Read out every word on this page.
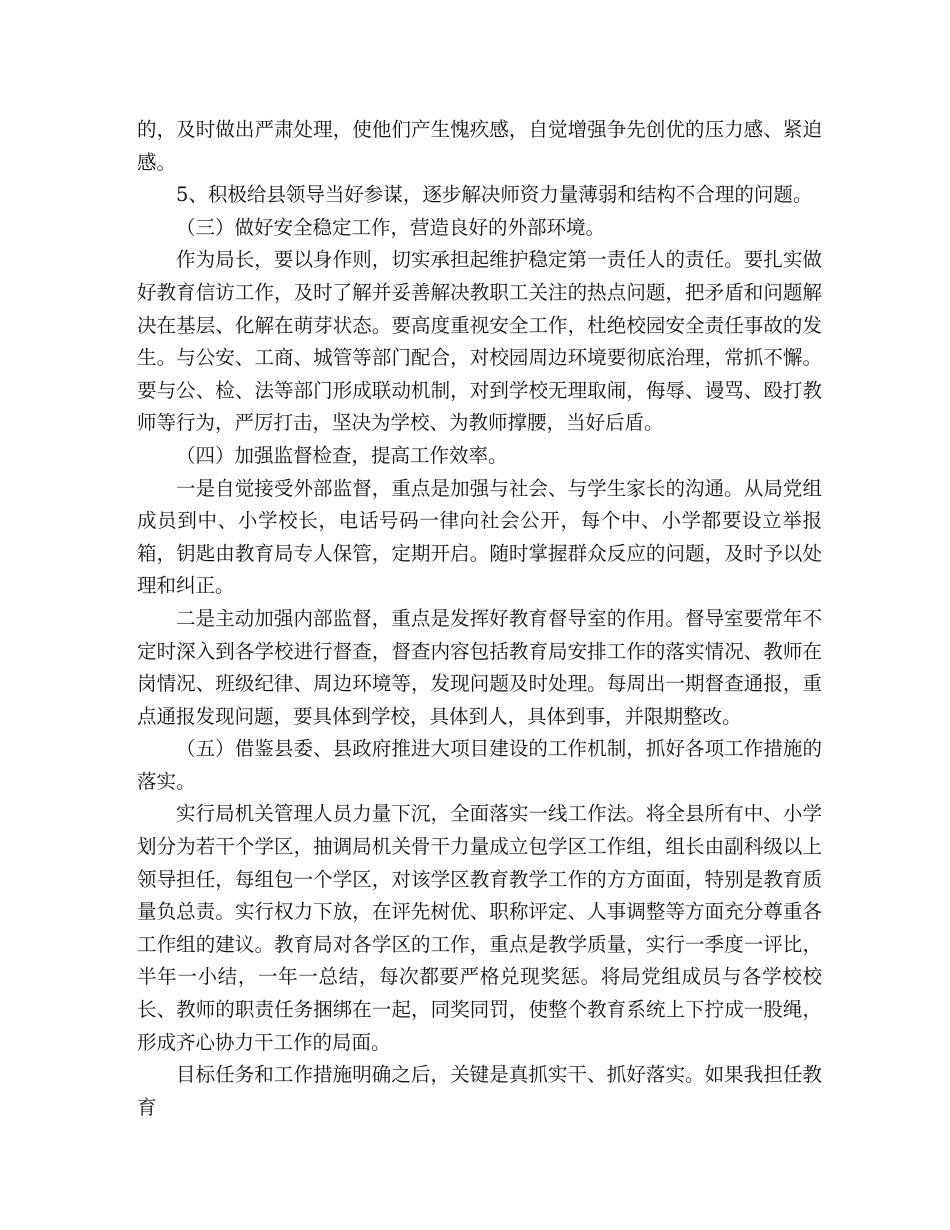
的，及时做出严肃处理，使他们产生愧疚感，自觉增强争先创优的压力感、紧迫感。

5、积极给县领导当好参谋，逐步解决师资力量薄弱和结构不合理的问题。

（三）做好安全稳定工作，营造良好的外部环境。

作为局长，要以身作则，切实承担起维护稳定第一责任人的责任。要扎实做好教育信访工作，及时了解并妥善解决教职工关注的热点问题，把矛盾和问题解决在基层、化解在萌芽状态。要高度重视安全工作，杜绝校园安全责任事故的发生。与公安、工商、城管等部门配合，对校园周边环境要彻底治理，常抓不懈。要与公、检、法等部门形成联动机制，对到学校无理取闹，侮辱、谩骂、殴打教师等行为，严厉打击，坚决为学校、为教师撑腰，当好后盾。

（四）加强监督检查，提高工作效率。

一是自觉接受外部监督，重点是加强与社会、与学生家长的沟通。从局党组成员到中、小学校长，电话号码一律向社会公开，每个中、小学都要设立举报箱，钥匙由教育局专人保管，定期开启。随时掌握群众反应的问题，及时予以处理和纠正。

二是主动加强内部监督，重点是发挥好教育督导室的作用。督导室要常年不定时深入到各学校进行督查，督查内容包括教育局安排工作的落实情况、教师在岗情况、班级纪律、周边环境等，发现问题及时处理。每周出一期督查通报，重点通报发现问题，要具体到学校，具体到人，具体到事，并限期整改。

（五）借鉴县委、县政府推进大项目建设的工作机制，抓好各项工作措施的落实。

实行局机关管理人员力量下沉，全面落实一线工作法。将全县所有中、小学划分为若干个学区，抽调局机关骨干力量成立包学区工作组，组长由副科级以上领导担任，每组包一个学区，对该学区教育教学工作的方方面面，特别是教育质量负总责。实行权力下放，在评先树优、职称评定、人事调整等方面充分尊重各工作组的建议。教育局对各学区的工作，重点是教学质量，实行一季度一评比，半年一小结，一年一总结，每次都要严格兑现奖惩。将局党组成员与各学校校长、教师的职责任务捆绑在一起，同奖同罚，使整个教育系统上下拧成一股绳，形成齐心协力干工作的局面。

目标任务和工作措施明确之后，关键是真抓实干、抓好落实。如果我担任教育
